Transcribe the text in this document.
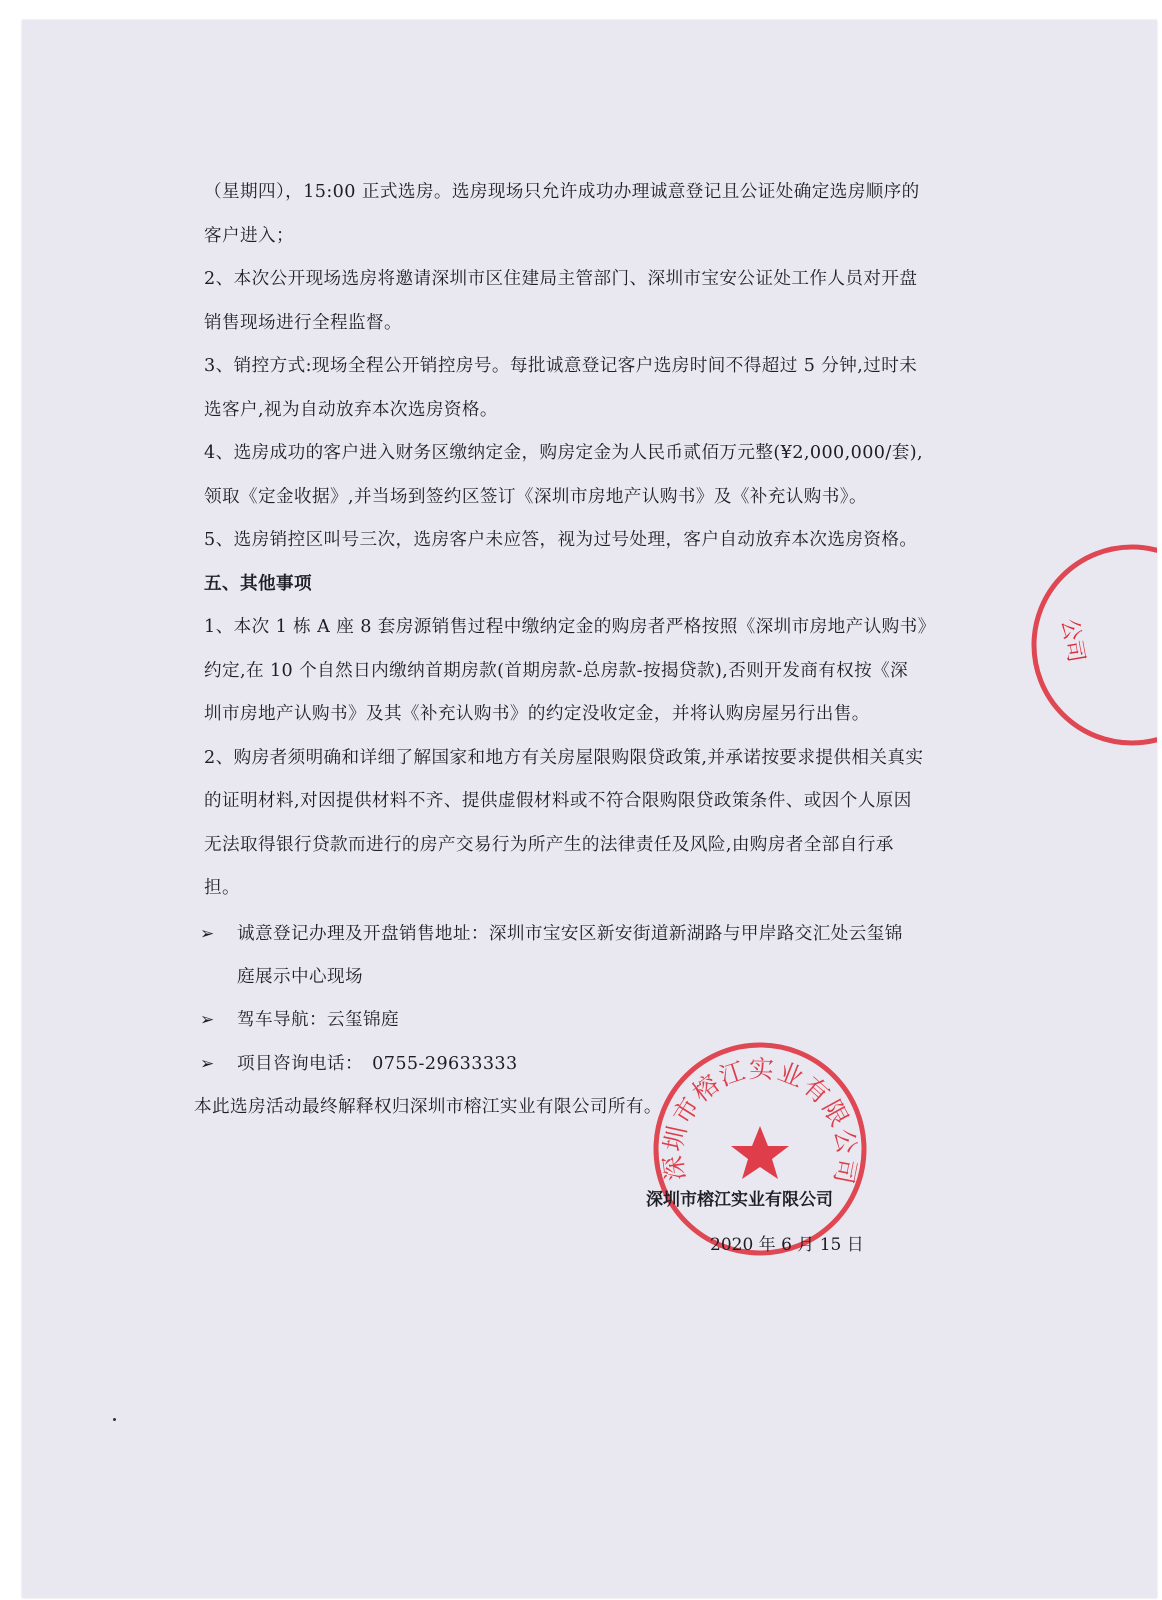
（星期四），15:00 正式选房。选房现场只允许成功办理诚意登记且公证处确定选房顺序的
客户进入；
2、本次公开现场选房将邀请深圳市区住建局主管部门、深圳市宝安公证处工作人员对开盘
销售现场进行全程监督。
3、销控方式:现场全程公开销控房号。每批诚意登记客户选房时间不得超过 5 分钟,过时未
选客户,视为自动放弃本次选房资格。
4、选房成功的客户进入财务区缴纳定金，购房定金为人民币贰佰万元整(¥2,000,000/套),
领取《定金收据》,并当场到签约区签订《深圳市房地产认购书》及《补充认购书》。
5、选房销控区叫号三次，选房客户未应答，视为过号处理，客户自动放弃本次选房资格。
五、其他事项
1、本次 1 栋 A 座 8 套房源销售过程中缴纳定金的购房者严格按照《深圳市房地产认购书》
约定,在 10 个自然日内缴纳首期房款(首期房款-总房款-按揭贷款),否则开发商有权按《深
圳市房地产认购书》及其《补充认购书》的约定没收定金，并将认购房屋另行出售。
2、购房者须明确和详细了解国家和地方有关房屋限购限贷政策,并承诺按要求提供相关真实
的证明材料,对因提供材料不齐、提供虚假材料或不符合限购限贷政策条件、或因个人原因
无法取得银行贷款而进行的房产交易行为所产生的法律责任及风险,由购房者全部自行承
担。
➢ 诚意登记办理及开盘销售地址：深圳市宝安区新安街道新湖路与甲岸路交汇处云玺锦
庭展示中心现场
➢ 驾车导航：云玺锦庭
➢ 项目咨询电话：　0755-29633333
本此选房活动最终解释权归深圳市榕江实业有限公司所有。
公司
深圳市榕江实业有限公司
深圳市榕江实业有限公司
2020 年 6 月 15 日
